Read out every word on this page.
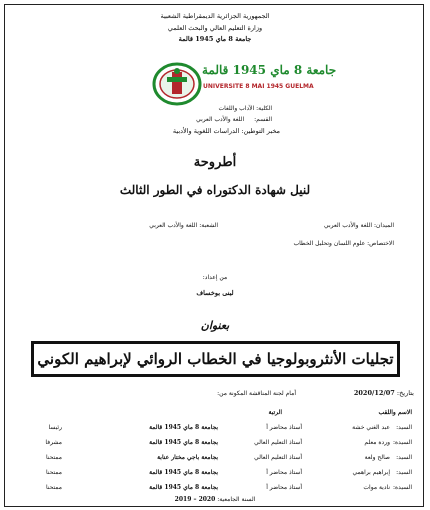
الجمهورية الجزائرية الديمقراطية الشعبية
وزارة التعليم العالي والبحث العلمي
جامعة 8 ماي 1945 قالمة
جامعة 8 ماي 1945 قالمة
UNIVERSITE 8 MAI 1945 GUELMA
الكلية: الآداب واللغات
القسم: اللغة والأدب العربي
مخبر التوطين: الدراسات اللغوية والأدبية
أطروحة
لنيل شهادة الدكتوراه في الطور الثالث
الميدان: اللغة والأدب العربي
الشعبة: اللغة والأدب العربي
الاختصاص: علوم اللسان وتحليل الخطاب
من إعداد:
لبنى بوخساف
بعنوان
تجليات الأنثروبولوجيا في الخطاب الروائي لإبراهيم الكوني
بتاريخ: 2020/12/07
أمام لجنة المناقشة المكونة من:
الاسم واللقب
الرتبة
السيد:
عبد الغني خشة
أستاذ محاضر أ
بجامعة 8 ماي 1945 قالمة
رئيسا
السيدة:
وردة معلم
أستاذ التعليم العالي
بجامعة 8 ماي 1945 قالمة
مشرفا
السيد:
صالح ولعة
أستاذ التعليم العالي
بجامعة باجي مختار عنابة
ممتحنا
السيد:
إبراهيم براهمي
أستاذ محاضر أ
بجامعة 8 ماي 1945 قالمة
ممتحنا
السيدة:
نادية موات
أستاذ محاضر أ
بجامعة 8 ماي 1945 قالمة
ممتحنا
السنة الجامعية: 2020 – 2019
